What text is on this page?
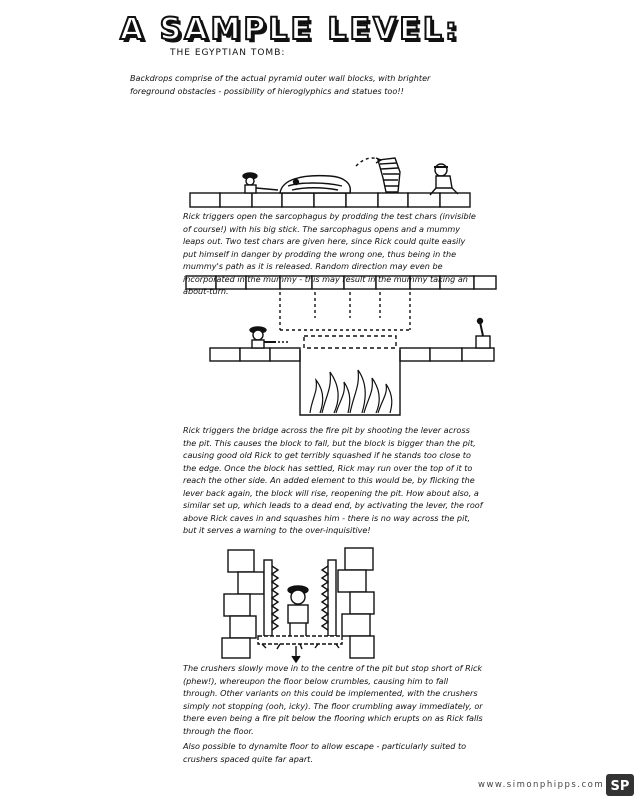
A SAMPLE LEVEL:
THE EGYPTIAN TOMB:
Backdrops comprise of the actual pyramid outer wall blocks, with brighter foreground obstacles - possibility of hieroglyphics and statues too!!
Rick triggers open the sarcophagus by prodding the test chars (invisible of course!) with his big stick. The sarcophagus opens and a mummy leaps out. Two test chars are given here, since Rick could quite easily put himself in danger by prodding the wrong one, thus being in the mummy's path as it is released. Random direction may even be incorporated in the mummy - this may result in the mummy taking an about-turn.
Rick triggers the bridge across the fire pit by shooting the lever across the pit. This causes the block to fall, but the block is bigger than the pit, causing good old Rick to get terribly squashed if he stands too close to the edge. Once the block has settled, Rick may run over the top of it to reach the other side. An added element to this would be, by flicking the lever back again, the block will rise, reopening the pit. How about also, a similar set up, which leads to a dead end, by activating the lever, the roof above Rick caves in and squashes him - there is no way across the pit, but it serves a warning to the over-inquisitive!
The crushers slowly move in to the centre of the pit but stop short of Rick (phew!), whereupon the floor below crumbles, causing him to fall through. Other variants on this could be implemented, with the crushers simply not stopping (ooh, icky). The floor crumbling away immediately, or there even being a fire pit below the flooring which erupts on as Rick falls through the floor.
Also possible to dynamite floor to allow escape - particularly suited to crushers spaced quite far apart.
www.simonphipps.com SP
